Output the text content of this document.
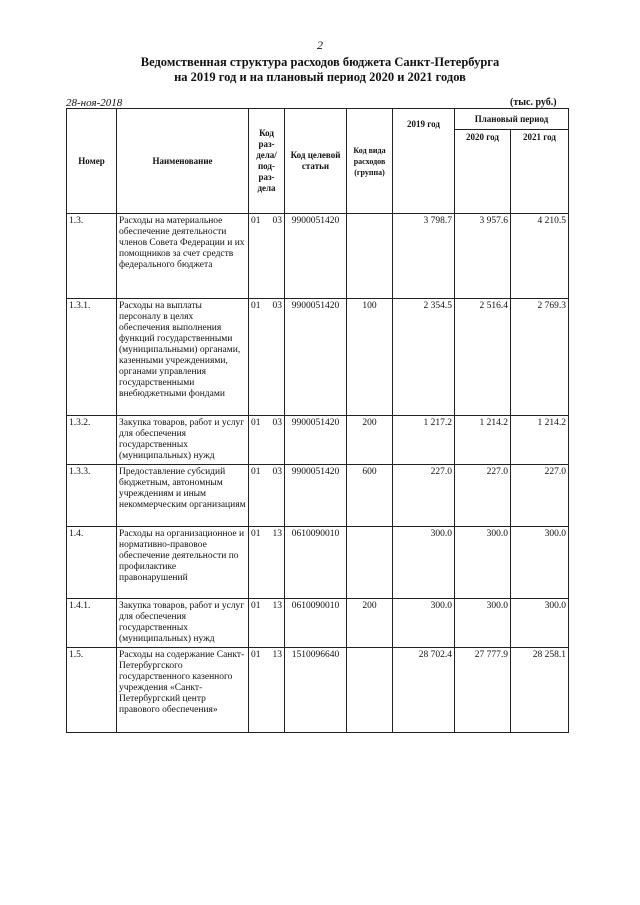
2
Ведомственная структура расходов бюджета Санкт-Петербурга
на 2019 год и на плановый период 2020 и 2021 годов
28-ноя-2018	(тыс. руб.)
Номер	Наименование	Код раз-дела/ под-раз-дела	Код целевой статьи	Код вида расходов (группа)	2019 год	Плановый период	
						2020 год	2021 год
1.3.	Расходы на материальное обеспечение деятельности членов Совета Федерации и их помощников за счет средств федерального бюджета	01 03	9900051420		3 798.7	3 957.6	4 210.5
1.3.1.	Расходы на выплаты персоналу в целях обеспечения выполнения функций государственными (муниципальными) органами, казенными учреждениями, органами управления государственными внебюджетными фондами	01 03	9900051420	100	2 354.5	2 516.4	2 769.3
1.3.2.	Закупка товаров, работ и услуг для обеспечения государственных (муниципальных) нужд	01 03	9900051420	200	1 217.2	1 214.2	1 214.2
1.3.3.	Предоставление субсидий бюджетным, автономным учреждениям и иным некоммерческим организациям	01 03	9900051420	600	227.0	227.0	227.0
1.4.	Расходы на организационное и нормативно-правовое обеспечение деятельности по профилактике правонарушений	01 13	0610090010		300.0	300.0	300.0
1.4.1.	Закупка товаров, работ и услуг для обеспечения государственных (муниципальных) нужд	01 13	0610090010	200	300.0	300.0	300.0
1.5.	Расходы на содержание Санкт-Петербургского государственного казенного учреждения «Санкт-Петербургский центр правового обеспечения»	01 13	1510096640		28 702.4	27 777.9	28 258.1
